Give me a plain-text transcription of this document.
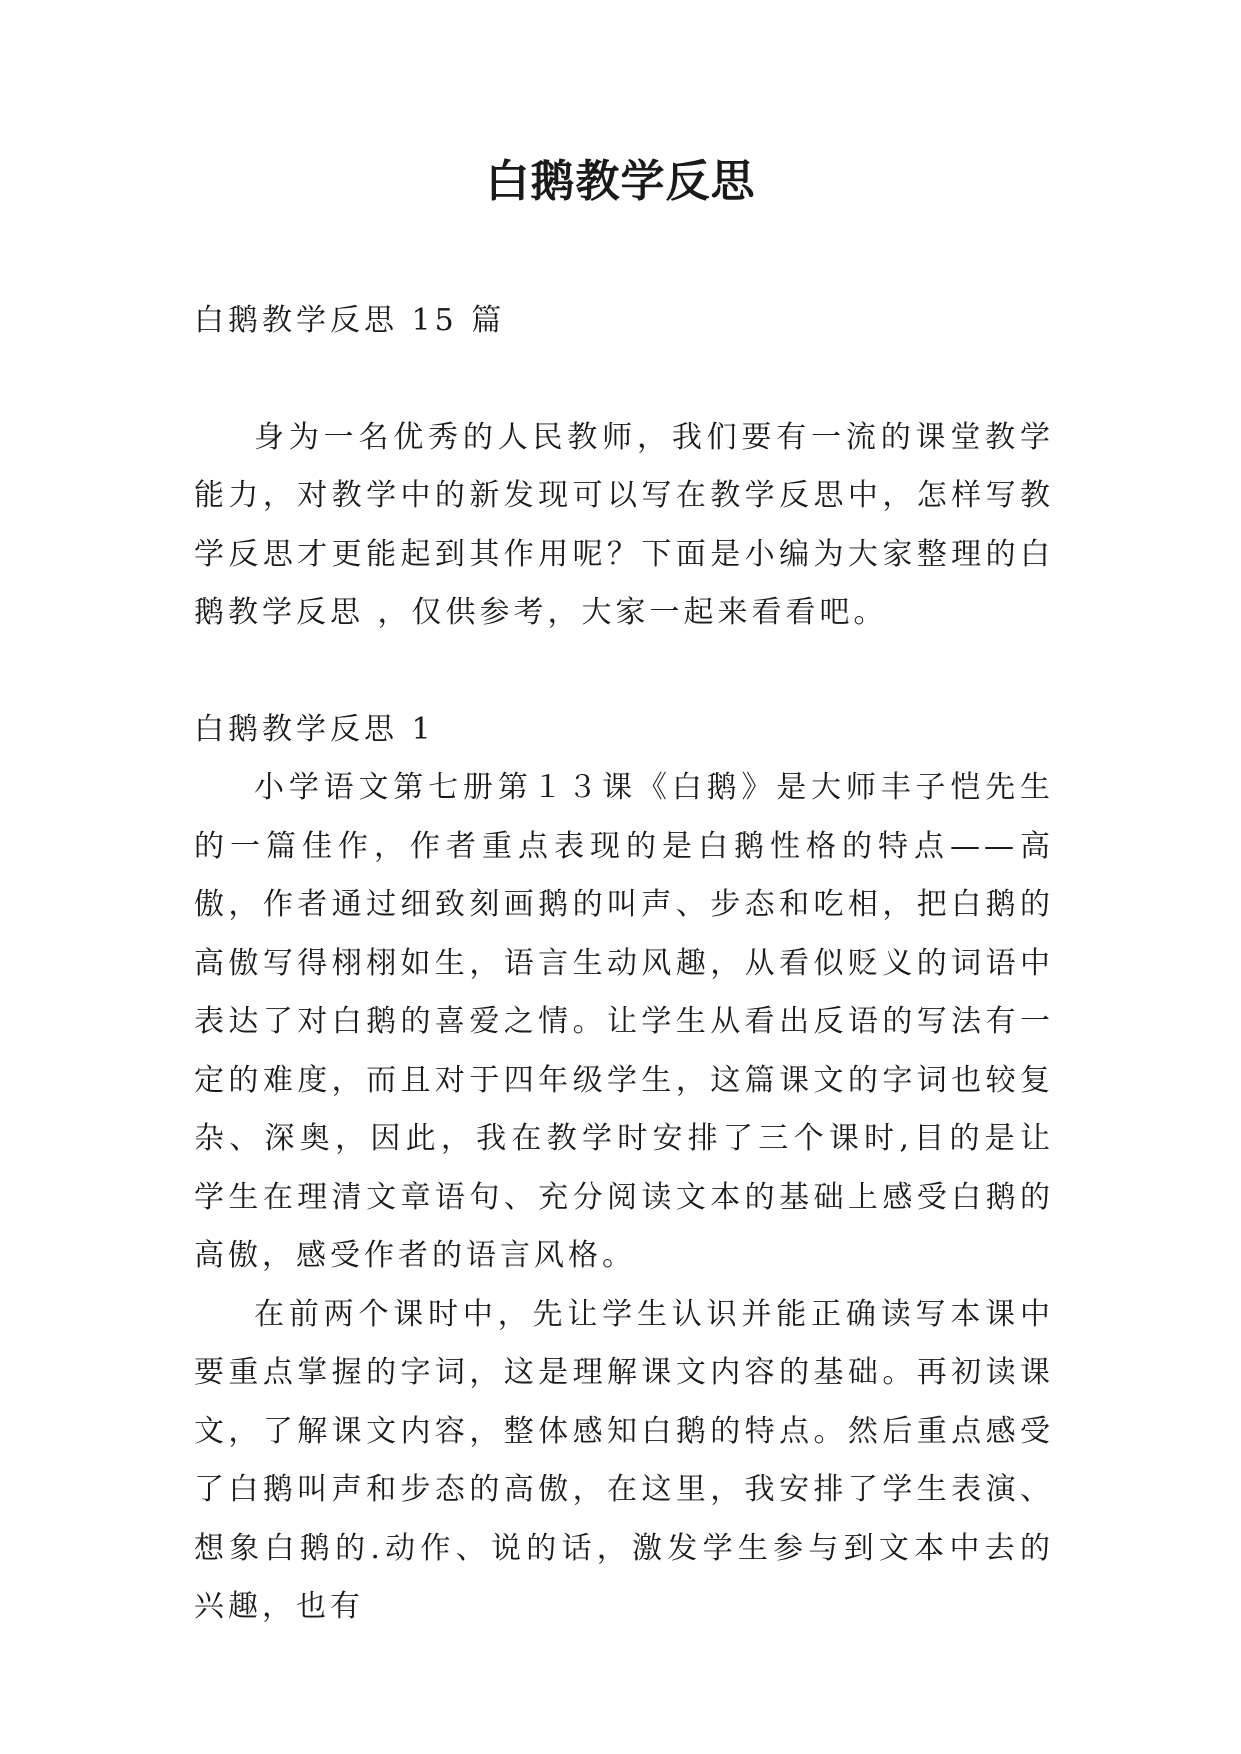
白鹅教学反思

白鹅教学反思 15 篇

身为一名优秀的人民教师，我们要有一流的课堂教学能力，对教学中的新发现可以写在教学反思中，怎样写教学反思才更能起到其作用呢？下面是小编为大家整理的白鹅教学反思 ，仅供参考，大家一起来看看吧。

白鹅教学反思 1

小学语文第七册第１３课《白鹅》是大师丰子恺先生的一篇佳作，作者重点表现的是白鹅性格的特点——高傲，作者通过细致刻画鹅的叫声、步态和吃相，把白鹅的高傲写得栩栩如生，语言生动风趣，从看似贬义的词语中表达了对白鹅的喜爱之情。让学生从看出反语的写法有一定的难度，而且对于四年级学生，这篇课文的字词也较复杂、深奥，因此，我在教学时安排了三个课时,目的是让学生在理清文章语句、充分阅读文本的基础上感受白鹅的高傲，感受作者的语言风格。

在前两个课时中，先让学生认识并能正确读写本课中要重点掌握的字词，这是理解课文内容的基础。再初读课文，了解课文内容，整体感知白鹅的特点。然后重点感受了白鹅叫声和步态的高傲，在这里，我安排了学生表演、想象白鹅的.动作、说的话，激发学生参与到文本中去的兴趣，也有
